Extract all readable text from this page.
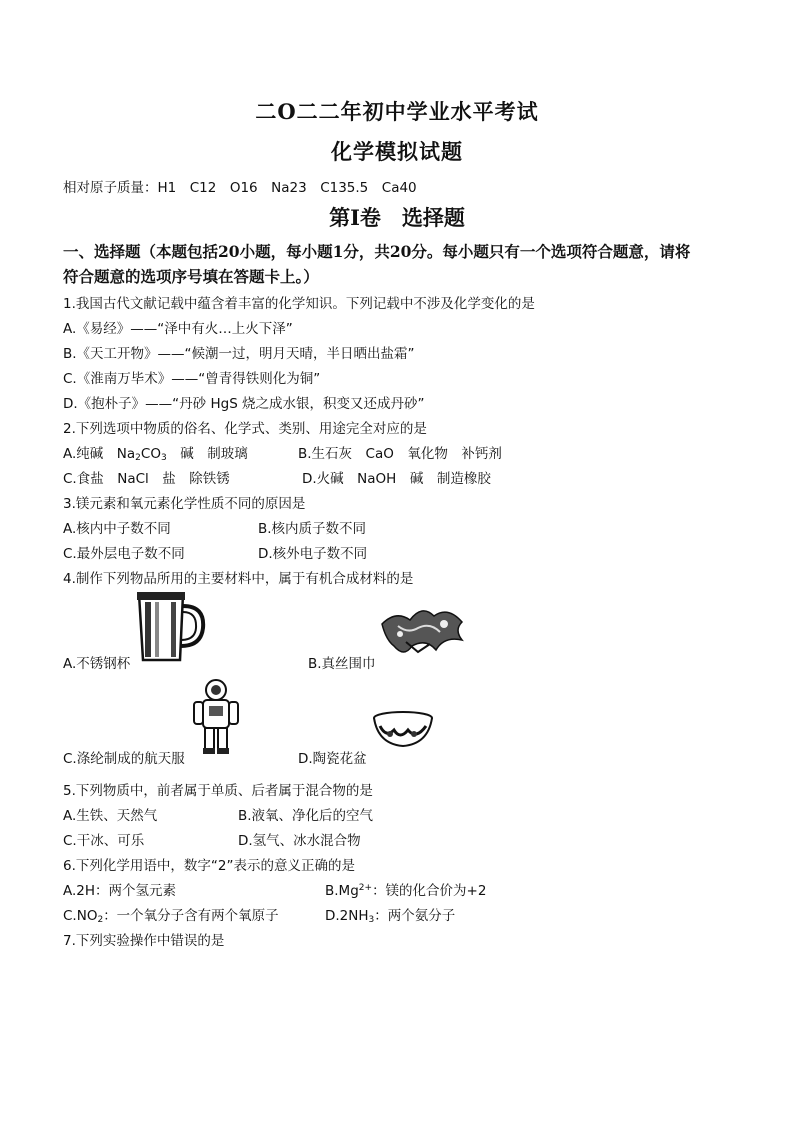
二O二二年初中学业水平考试
化学模拟试题
相对原子质量：H1　C12　O16　Na23　C135.5　Ca40
第I卷　选择题
一、选择题（本题包括20小题，每小题1分，共20分。每小题只有一个选项符合题意，请将
符合题意的选项序号填在答题卡上。）
1.我国古代文献记载中蕴含着丰富的化学知识。下列记载中不涉及化学变化的是
A.《易经》——“泽中有火…上火下泽”
B.《天工开物》——“候潮一过，明月天晴，半日晒出盐霜”
C.《淮南万毕术》——“曾青得铁则化为铜”
D.《抱朴子》——“丹砂 HgS 烧之成水银，积变又还成丹砂”
2.下列选项中物质的俗名、化学式、类别、用途完全对应的是
A.纯碱　$Na_2CO_3$　碱　制玻璃	B.生石灰　CaO　氧化物　补钙剂
C.食盐　NaCl　盐　除铁锈	D.火碱　NaOH　碱　制造橡胶
3.镁元素和氧元素化学性质不同的原因是
A.核内中子数不同	B.核内质子数不同
C.最外层电子数不同	D.核外电子数不同
4.制作下列物品所用的主要材料中，属于有机合成材料的是
A.不锈钢杯	B.真丝围巾
C.涤纶制成的航天服	D.陶瓷花盆
5.下列物质中，前者属于单质、后者属于混合物的是
A.生铁、天然气	B.液氧、净化后的空气
C.干冰、可乐	D.氢气、冰水混合物
6.下列化学用语中，数字“2”表示的意义正确的是
A.2H：两个氢元素	$B.Mg^{2+}$：镁的化合价为+2
$C.NO_2$：一个氧分子含有两个氧原子	$D.2NH_3$：两个氨分子
7.下列实验操作中错误的是
